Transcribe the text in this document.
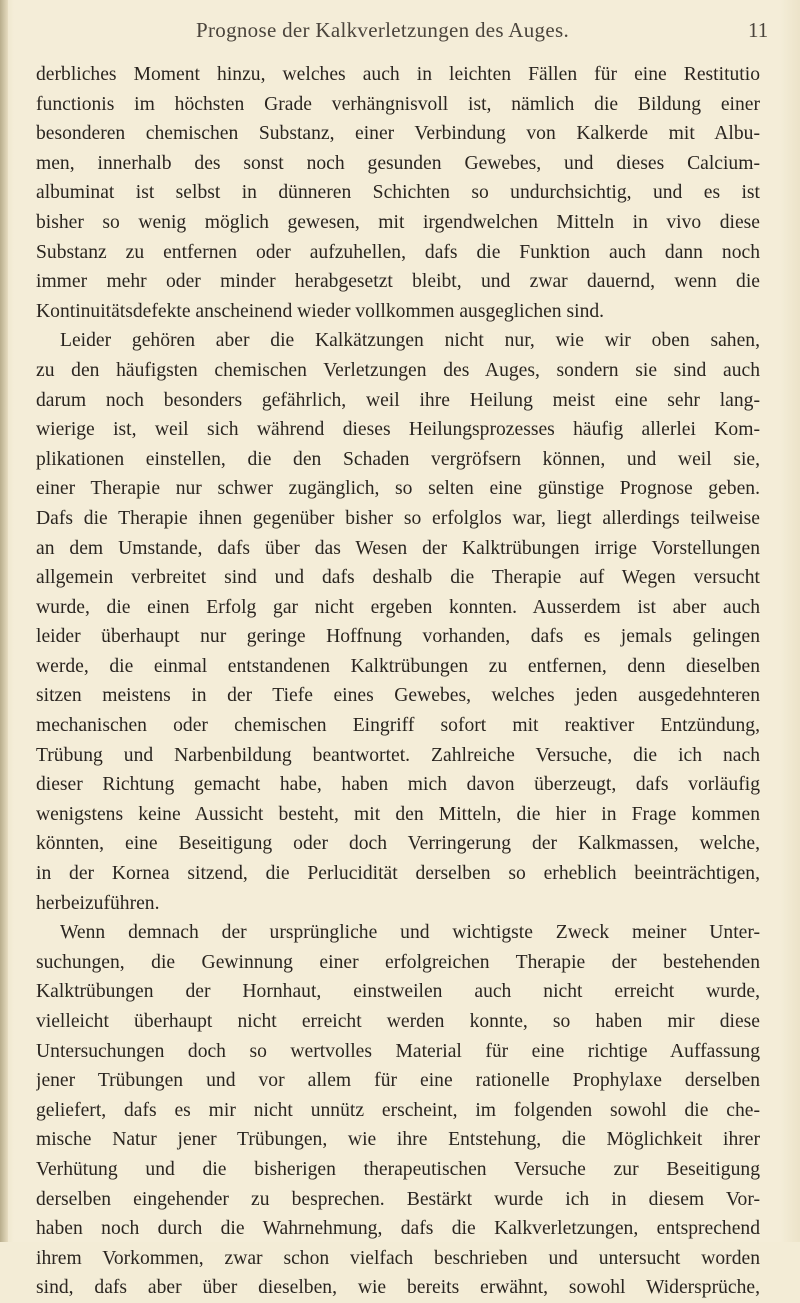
Prognose der Kalkverletzungen des Auges.	11
derbliches Moment hinzu, welches auch in leichten Fällen für eine Restitutio
functionis im höchsten Grade verhängnisvoll ist, nämlich die Bildung einer
besonderen chemischen Substanz, einer Verbindung von Kalkerde mit Albu-
men, innerhalb des sonst noch gesunden Gewebes, und dieses Calcium-
albuminat ist selbst in dünneren Schichten so undurchsichtig, und es ist
bisher so wenig möglich gewesen, mit irgendwelchen Mitteln in vivo diese
Substanz zu entfernen oder aufzuhellen, dafs die Funktion auch dann noch
immer mehr oder minder herabgesetzt bleibt, und zwar dauernd, wenn die
Kontinuitätsdefekte anscheinend wieder vollkommen ausgeglichen sind.
Leider gehören aber die Kalkätzungen nicht nur, wie wir oben sahen,
zu den häufigsten chemischen Verletzungen des Auges, sondern sie sind auch
darum noch besonders gefährlich, weil ihre Heilung meist eine sehr lang-
wierige ist, weil sich während dieses Heilungsprozesses häufig allerlei Kom-
plikationen einstellen, die den Schaden vergröfsern können, und weil sie,
einer Therapie nur schwer zugänglich, so selten eine günstige Prognose geben.
Dafs die Therapie ihnen gegenüber bisher so erfolglos war, liegt allerdings teilweise
an dem Umstande, dafs über das Wesen der Kalktrübungen irrige Vorstellungen
allgemein verbreitet sind und dafs deshalb die Therapie auf Wegen versucht
wurde, die einen Erfolg gar nicht ergeben konnten. Ausserdem ist aber auch
leider überhaupt nur geringe Hoffnung vorhanden, dafs es jemals gelingen
werde, die einmal entstandenen Kalktrübungen zu entfernen, denn dieselben
sitzen meistens in der Tiefe eines Gewebes, welches jeden ausgedehnteren
mechanischen oder chemischen Eingriff sofort mit reaktiver Entzündung,
Trübung und Narbenbildung beantwortet. Zahlreiche Versuche, die ich nach
dieser Richtung gemacht habe, haben mich davon überzeugt, dafs vorläufig
wenigstens keine Aussicht besteht, mit den Mitteln, die hier in Frage kommen
könnten, eine Beseitigung oder doch Verringerung der Kalkmassen, welche,
in der Kornea sitzend, die Perlucidität derselben so erheblich beeinträchtigen,
herbeizuführen.
Wenn demnach der ursprüngliche und wichtigste Zweck meiner Unter-
suchungen, die Gewinnung einer erfolgreichen Therapie der bestehenden
Kalktrübungen der Hornhaut, einstweilen auch nicht erreicht wurde,
vielleicht überhaupt nicht erreicht werden konnte, so haben mir diese
Untersuchungen doch so wertvolles Material für eine richtige Auffassung
jener Trübungen und vor allem für eine rationelle Prophylaxe derselben
geliefert, dafs es mir nicht unnütz erscheint, im folgenden sowohl die che-
mische Natur jener Trübungen, wie ihre Entstehung, die Möglichkeit ihrer
Verhütung und die bisherigen therapeutischen Versuche zur Beseitigung
derselben eingehender zu besprechen. Bestärkt wurde ich in diesem Vor-
haben noch durch die Wahrnehmung, dafs die Kalkverletzungen, entsprechend
ihrem Vorkommen, zwar schon vielfach beschrieben und untersucht worden
sind, dafs aber über dieselben, wie bereits erwähnt, sowohl Widersprüche,
